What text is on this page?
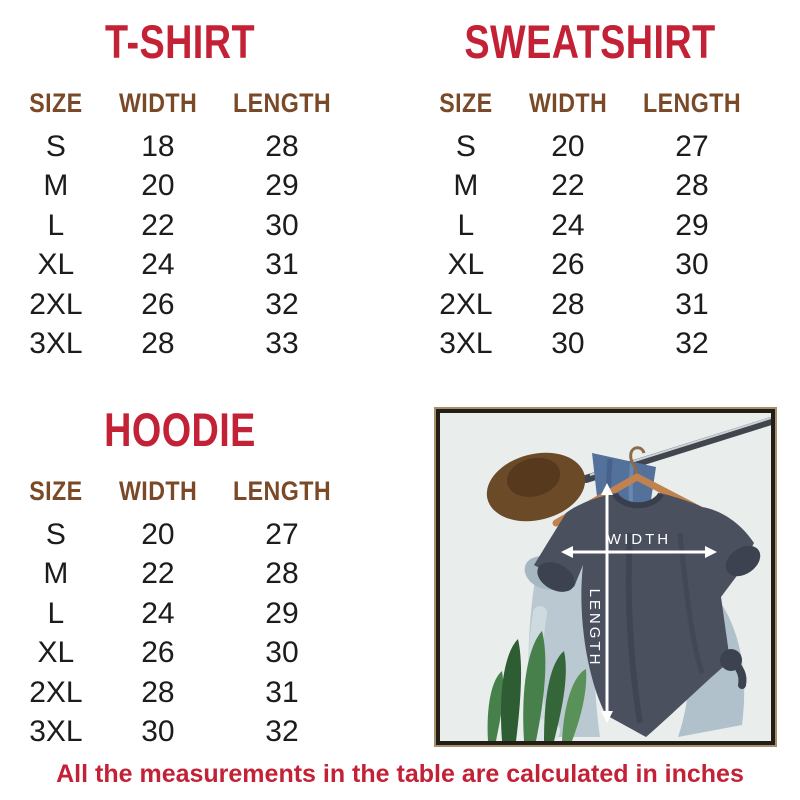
T-SHIRT
SIZE	WIDTH	LENGTH
S	18	28
M	20	29
L	22	30
XL	24	31
2XL	26	32
3XL	28	33
SWEATSHIRT
SIZE	WIDTH	LENGTH
S	20	27
M	22	28
L	24	29
XL	26	30
2XL	28	31
3XL	30	32
HOODIE
SIZE	WIDTH	LENGTH
S	20	27
M	22	28
L	24	29
XL	26	30
2XL	28	31
3XL	30	32
WIDTH
LENGTH
All the measurements in the table are calculated in inches
